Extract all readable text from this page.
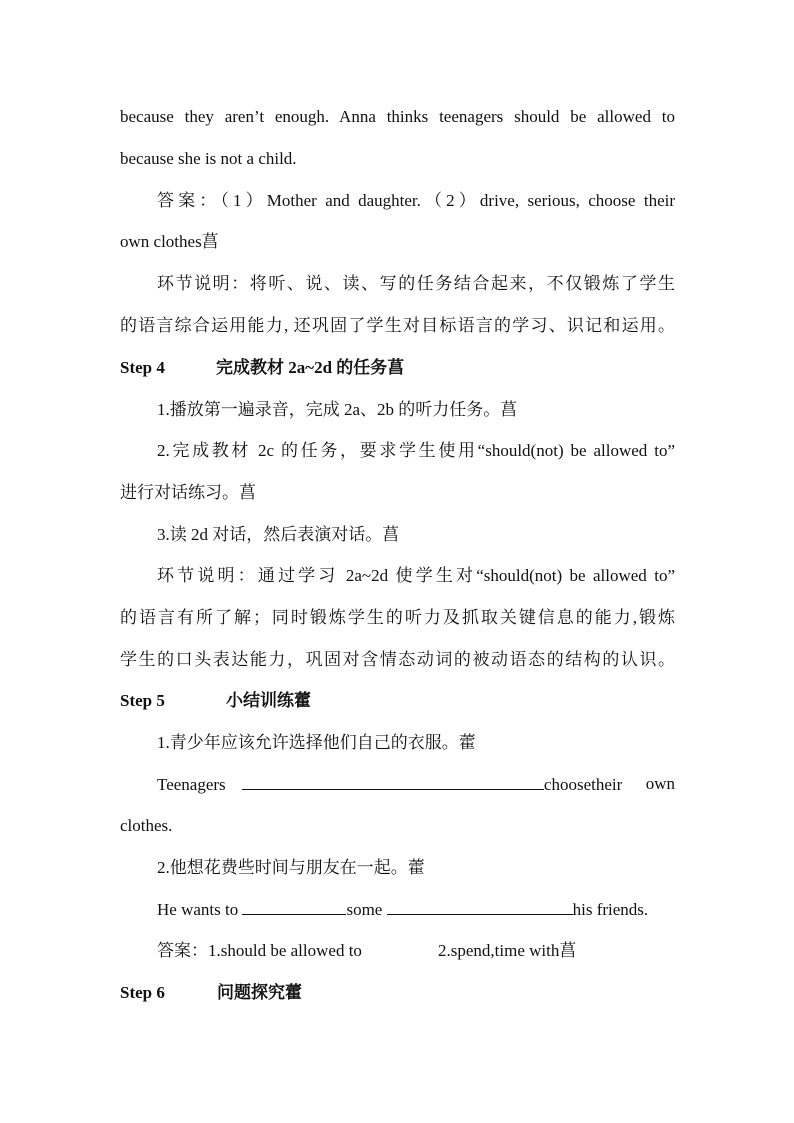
because they aren’t enough. Anna thinks teenagers should be allowed to
because she is not a child.
答案：（1）Mother and daughter.（2）drive, serious, choose their
own clothes菖
环节说明：将听、说、读、写的任务结合起来，不仅锻炼了学生
的语言综合运用能力, 还巩固了学生对目标语言的学习、识记和运用。
Step 4	完成教材 2a~2d 的任务菖
1.播放第一遍录音，完成 2a、2b 的听力任务。菖
2.完成教材 2c 的任务，要求学生使用“should(not) be allowed to”
进行对话练习。菖
3.读 2d 对话，然后表演对话。菖
环节说明：通过学习 2a~2d 使学生对“should(not) be allowed to”
的语言有所了解；同时锻炼学生的听力及抓取关键信息的能力,锻炼
学生的口头表达能力，巩固对含情态动词的被动语态的结构的认识。
Step 5	小结训练藿
1.青少年应该允许选择他们自己的衣服。藿
Teenagers	choosetheir own
clothes.
2.他想花费些时间与朋友在一起。藿
He wants to	some	his friends.
答案：1.should be allowed to	2.spend,time with菖
Step 6	问题探究藿
